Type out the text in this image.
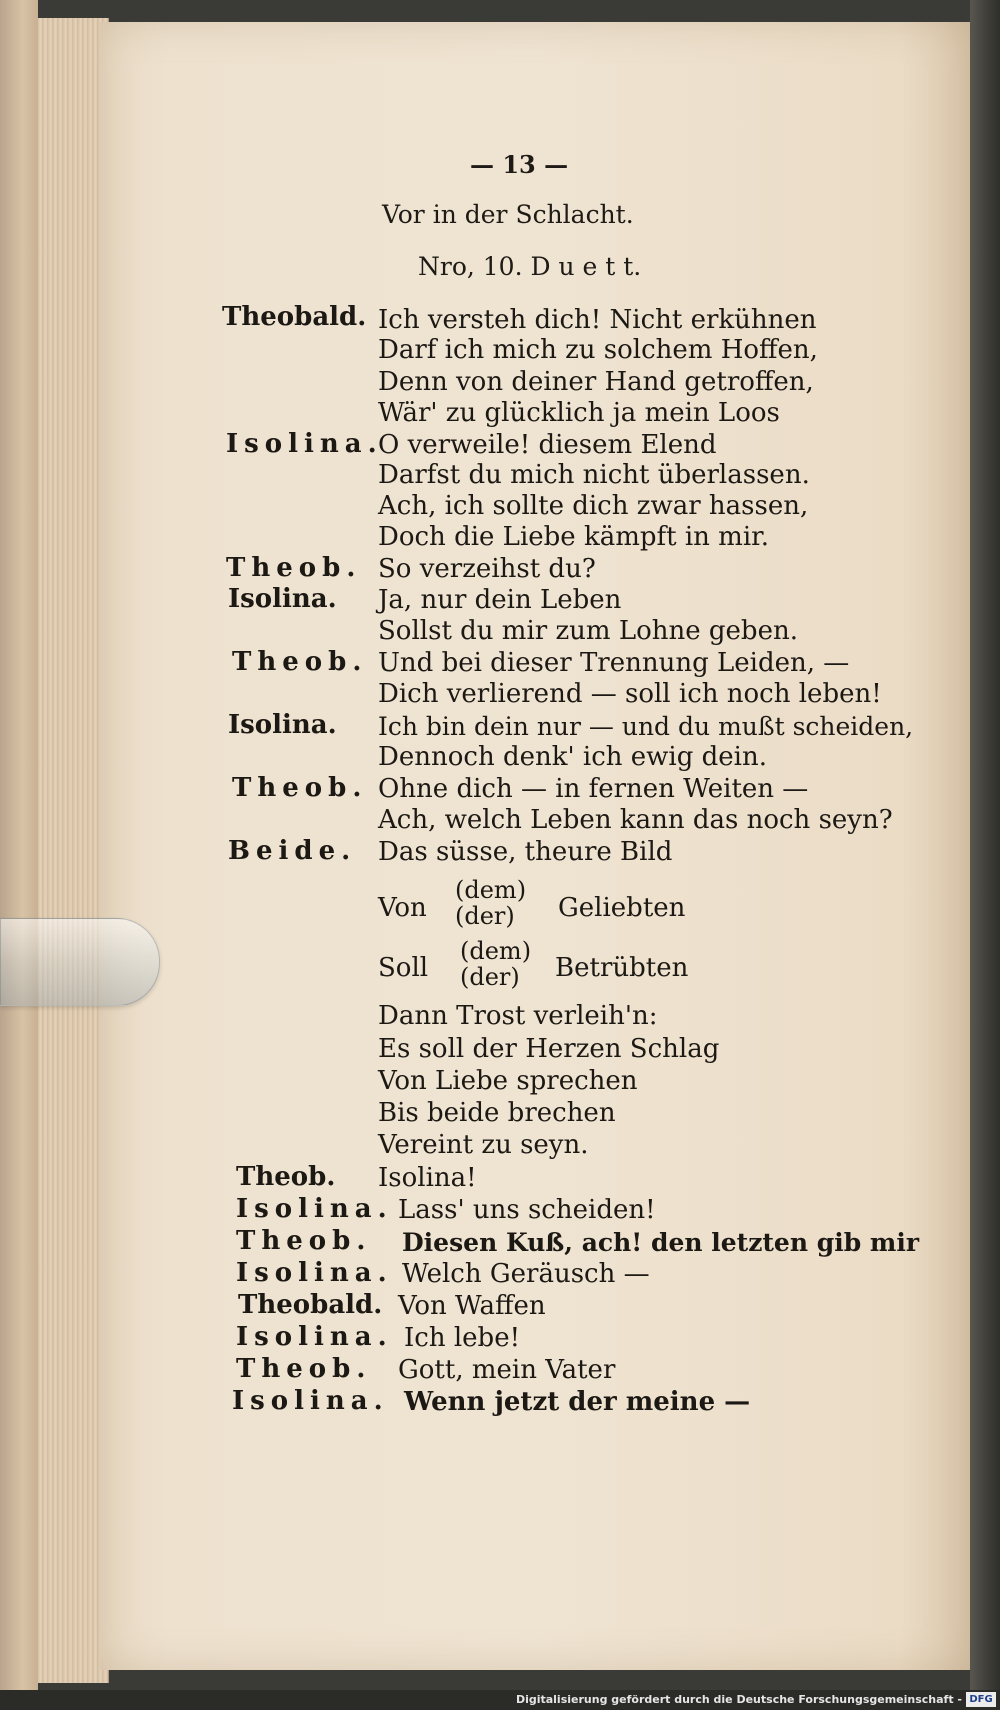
— 13 —
Vor in der Schlacht.
Nro, 10. D u e t t.
Theobald. Ich versteh dich! Nicht erkühnen
Darf ich mich zu solchem Hoffen,
Denn von deiner Hand getroffen,
Wär' zu glücklich ja mein Loos
Isolina.
O verweile! diesem Elend
Darfst du mich nicht überlassen.
Ach, ich sollte dich zwar hassen,
Doch die Liebe kämpft in mir.
Theob. So verzeihst du?
Isolina. Ja, nur dein Leben
Sollst du mir zum Lohne geben.
Theob. Und bei dieser Trennung Leiden, —
Dich verlierend — soll ich noch leben!
Isolina. Ich bin dein nur — und du mußt scheiden,
Dennoch denk' ich ewig dein.
Theob. Ohne dich — in fernen Weiten —
Ach, welch Leben kann das noch seyn?
Beide. Das süsse, theure Bild
Von
(dem)
(der) Geliebten
Soll
(dem)
(der) Betrübten
Dann Trost verleih'n:
Es soll der Herzen Schlag
Von Liebe sprechen
Bis beide brechen
Vereint zu seyn.
Theob. Isolina!
Isolina. Lass' uns scheiden!
Theob. Diesen Kuß, ach! den letzten gib mir
Isolina. Welch Geräusch —
Theobald. Von Waffen
Isolina. Ich lebe!
Theob. Gott, mein Vater
Isolina. Wenn jetzt der meine —
Digitalisierung gefördert durch die Deutsche Forschungsgemeinschaft - DFG
